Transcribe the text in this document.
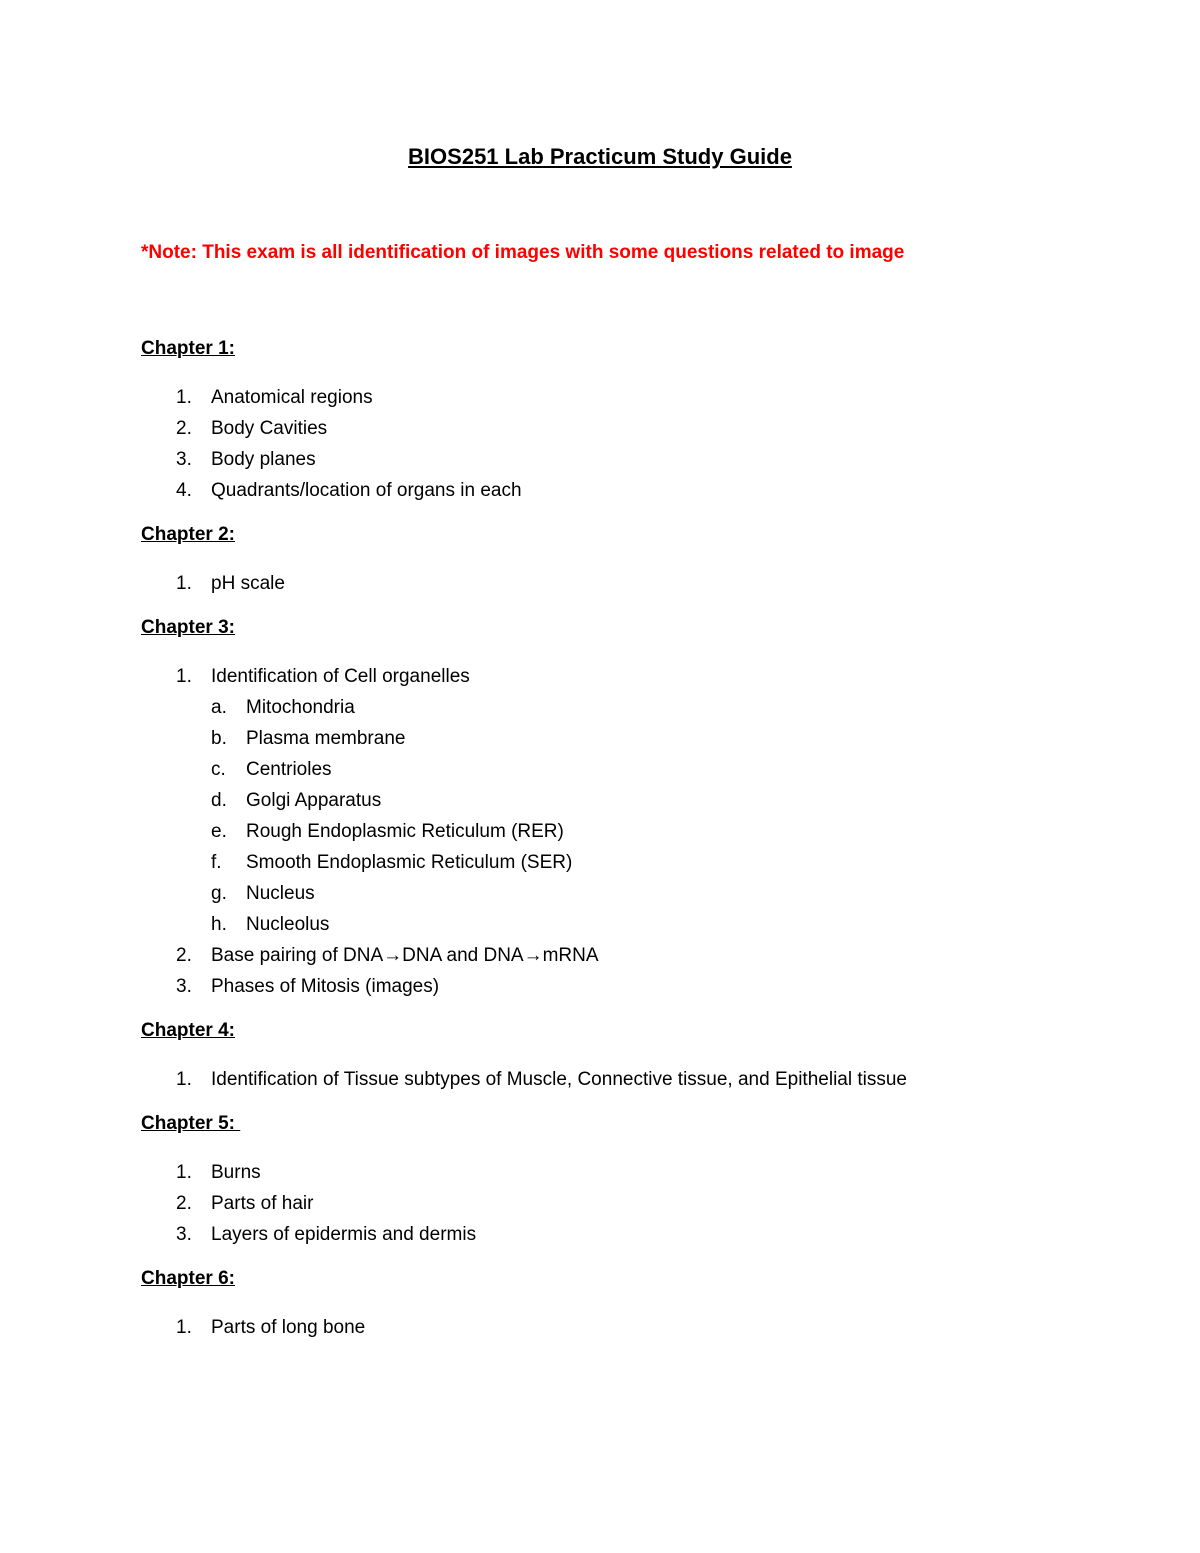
BIOS251 Lab Practicum Study Guide

*Note: This exam is all identification of images with some questions related to image

Chapter 1:
1.	Anatomical regions
2.	Body Cavities
3.	Body planes
4.	Quadrants/location of organs in each
Chapter 2:
1.	pH scale
Chapter 3:
1.	Identification of Cell organelles
a.	Mitochondria
b.	Plasma membrane
c.	Centrioles
d.	Golgi Apparatus
e.	Rough Endoplasmic Reticulum (RER)
f.	Smooth Endoplasmic Reticulum (SER)
g.	Nucleus
h.	Nucleolus
2.	Base pairing of DNA→DNA and DNA→mRNA
3.	Phases of Mitosis (images)
Chapter 4:
1.	Identification of Tissue subtypes of Muscle, Connective tissue, and Epithelial tissue
Chapter 5:
1.	Burns
2.	Parts of hair
3.	Layers of epidermis and dermis
Chapter 6:
1.	Parts of long bone
